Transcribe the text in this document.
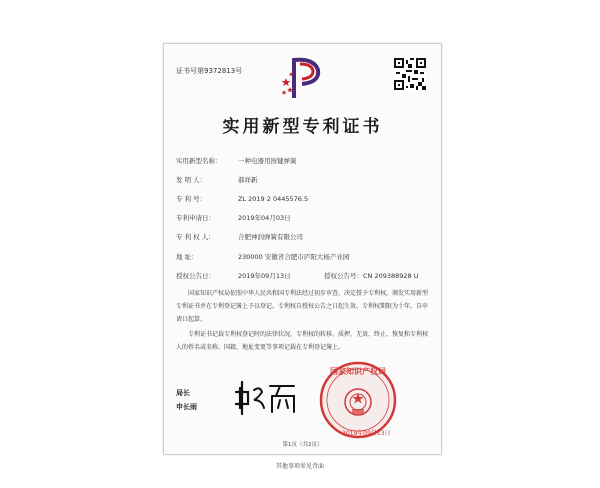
证书号第9372813号
实用新型专利证书
实用新型名称：	一种电器用按键弹簧
发 明 人：	郝祥新
专 利 号：	ZL 2019 2 0445576.5
专利申请日：	2019年04月03日
专 利 权 人：	合肥神润弹簧有限公司
地 址：	230000 安徽省合肥市庐阳大杨产业园
授权公告日：	2019年09月13日	授权公告号：CN 209388928 U
国家知识产权局依照中华人民共和国专利法经过初步审查，决定授予专利权，颁发实用新型专利证书并在专利登记簿上予以登记。专利权自授权公告之日起生效。专利权期限为十年，自申请日起算。
专利证书记载专利权登记时的法律状况。专利权的转移、质押、无效、终止、恢复和专利权人的姓名或名称、国籍、地址变更等事项记载在专利登记簿上。
局长
申长雨
国家知识产权局
2019年09月13日
第1页（共2页）
其他事项参见背面
